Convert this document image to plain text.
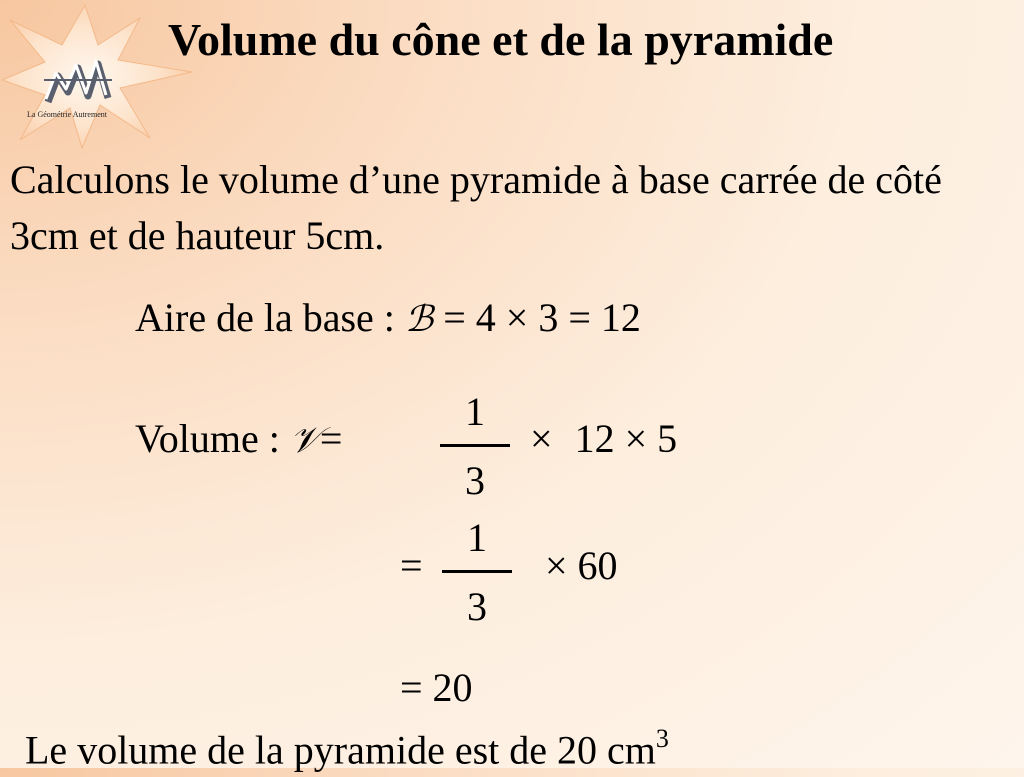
La Géométrie Autrement
Volume du cône et de la pyramide

Calculons le volume d’une pyramide à base carrée de côté 3cm et de hauteur 5cm.

Aire de la base : ℬ = 4 × 3 = 12
Volume : 𝒱=
1
3
× 12 × 5
=
1
3
× 60
= 20

Le volume de la pyramide est de 20 $cm^3$
